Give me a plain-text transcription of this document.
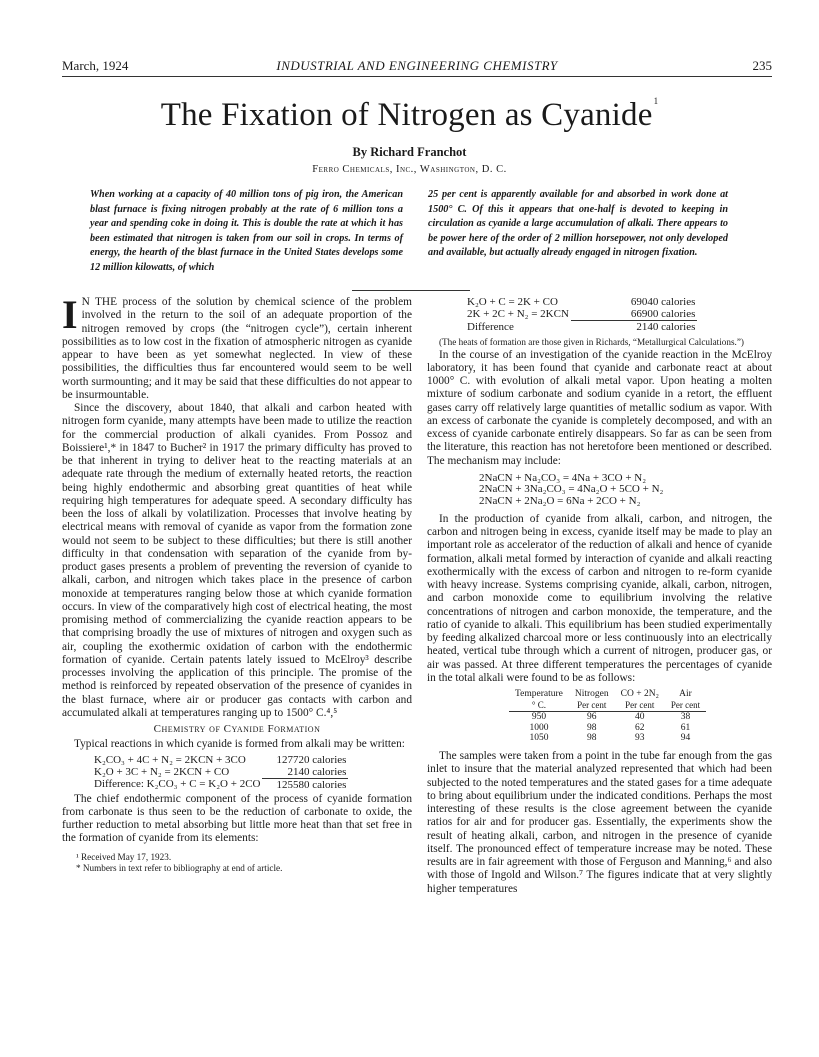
March, 1924	INDUSTRIAL AND ENGINEERING CHEMISTRY	235
The Fixation of Nitrogen as Cyanide$^1$
By Richard Franchot
Ferro Chemicals, Inc., Washington, D. C.
When working at a capacity of 40 million tons of pig iron, the American blast furnace is fixing nitrogen probably at the rate of 6 million tons a year and spending coke in doing it. This is double the rate at which it has been estimated that nitrogen is taken from our soil in crops. In terms of energy, the hearth of the blast furnace in the United States develops some 12 million kilowatts, of which
25 per cent is apparently available for and absorbed in work done at 1500° C. Of this it appears that one-half is devoted to keeping in circulation as cyanide a large accumulation of alkali. There appears to be power here of the order of 2 million horsepower, not only developed and available, but actually already engaged in nitrogen fixation.

I N THE process of the solution by chemical science of the problem involved in the return to the soil of an adequate proportion of the nitrogen removed by crops (the “nitrogen cycle”), certain inherent possibilities as to low cost in the fixation of atmospheric nitrogen as cyanide appear to have been as yet somewhat neglected. In view of these possibilities, the difficulties thus far encountered would seem to be well worth surmounting; and it may be said that these difficulties do not appear to be insurmountable.

Since the discovery, about 1840, that alkali and carbon heated with nitrogen form cyanide, many attempts have been made to utilize the reaction for the commercial production of alkali cyanides. From Possoz and Boissiere¹,* in 1847 to Bucher² in 1917 the primary difficulty has proved to be that inherent in trying to deliver heat to the reacting materials at an adequate rate through the medium of externally heated retorts, the reaction being highly endothermic and absorbing great quantities of heat while requiring high temperatures for adequate speed. A secondary difficulty has been the loss of alkali by volatilization. Processes that involve heating by electrical means with removal of cyanide as vapor from the formation zone would not seem to be subject to these difficulties; but there is still another difficulty in that condensation with separation of the cyanide from by-product gases presents a problem of preventing the reversion of cyanide to alkali, carbon, and nitrogen which takes place in the presence of carbon monoxide at temperatures ranging below those at which cyanide formation occurs. In view of the comparatively high cost of electrical heating, the most promising method of commercializing the cyanide reaction appears to be that comprising broadly the use of mixtures of nitrogen and oxygen such as air, coupling the exothermic oxidation of carbon with the endothermic formation of cyanide. Certain patents lately issued to McElroy³ describe processes involving the application of this principle. The promise of the method is reinforced by repeated observation of the presence of cyanides in the blast furnace, where air or producer gas contacts with carbon and accumulated alkali at temperatures ranging up to 1500° C.⁴,⁵

Chemistry of Cyanide Formation

Typical reactions in which cyanide is formed from alkali may be written:

K₂CO₃ + 4C + N₂ = 2KCN + 3CO	127720 calories
K₂O + 3C + N₂ = 2KCN + CO	2140 calories
Difference: K₂CO₃ + C = K₂O + 2CO	125580 calories

The chief endothermic component of the process of cyanide formation from carbonate is thus seen to be the reduction of carbonate to oxide, the further reduction to metal absorbing but little more heat than that set free in the formation of cyanide from its elements:

¹ Received May 17, 1923.
* Numbers in text refer to bibliography at end of article.
K₂O + C = 2K + CO	69040 calories
2K + 2C + N₂ = 2KCN	66900 calories
Difference	2140 calories

(The heats of formation are those given in Richards, “Metallurgical Calculations.”)

In the course of an investigation of the cyanide reaction in the McElroy laboratory, it has been found that cyanide and carbonate react at about 1000° C. with evolution of alkali metal vapor. Upon heating a molten mixture of sodium carbonate and sodium cyanide in a retort, the effluent gases carry off relatively large quantities of metallic sodium as vapor. With an excess of carbonate the cyanide is completely decomposed, and with an excess of cyanide carbonate entirely disappears. So far as can be seen from the literature, this reaction has not heretofore been mentioned or described. The mechanism may include:

2NaCN + Na₂CO₃ = 4Na + 3CO + N₂
2NaCN + 3Na₂CO₃ = 4Na₂O + 5CO + N₂
2NaCN + 2Na₂O = 6Na + 2CO + N₂

In the production of cyanide from alkali, carbon, and nitrogen, the carbon and nitrogen being in excess, cyanide itself may be made to play an important role as accelerator of the reduction of alkali and hence of cyanide formation, alkali metal formed by interaction of cyanide and alkali reacting exothermically with the excess of carbon and nitrogen to re-form cyanide with heavy increase. Systems comprising cyanide, alkali, carbon, nitrogen, and carbon monoxide come to equilibrium involving the relative concentrations of nitrogen and carbon monoxide, the temperature, and the ratio of cyanide to alkali. This equilibrium has been studied experimentally by feeding alkalized charcoal more or less continuously into an electrically heated, vertical tube through which a current of nitrogen, producer gas, or air was passed. At three different temperatures the percentages of cyanide in the total alkali were found to be as follows:

Temperature	Nitrogen	CO + 2N₂	Air
° C.	Per cent	Per cent	Per cent
950	96	40	38
1000	98	62	61
1050	98	93	94

The samples were taken from a point in the tube far enough from the gas inlet to insure that the material analyzed represented that which had been subjected to the noted temperatures and the stated gases for a time adequate to bring about equilibrium under the indicated conditions. Perhaps the most interesting of these results is the close agreement between the cyanide ratios for air and for producer gas. Essentially, the experiments show the result of heating alkali, carbon, and nitrogen in the presence of cyanide itself. The pronounced effect of temperature increase may be noted. These results are in fair agreement with those of Ferguson and Manning,⁶ and also with those of Ingold and Wilson.⁷ The figures indicate that at very slightly higher temperatures
